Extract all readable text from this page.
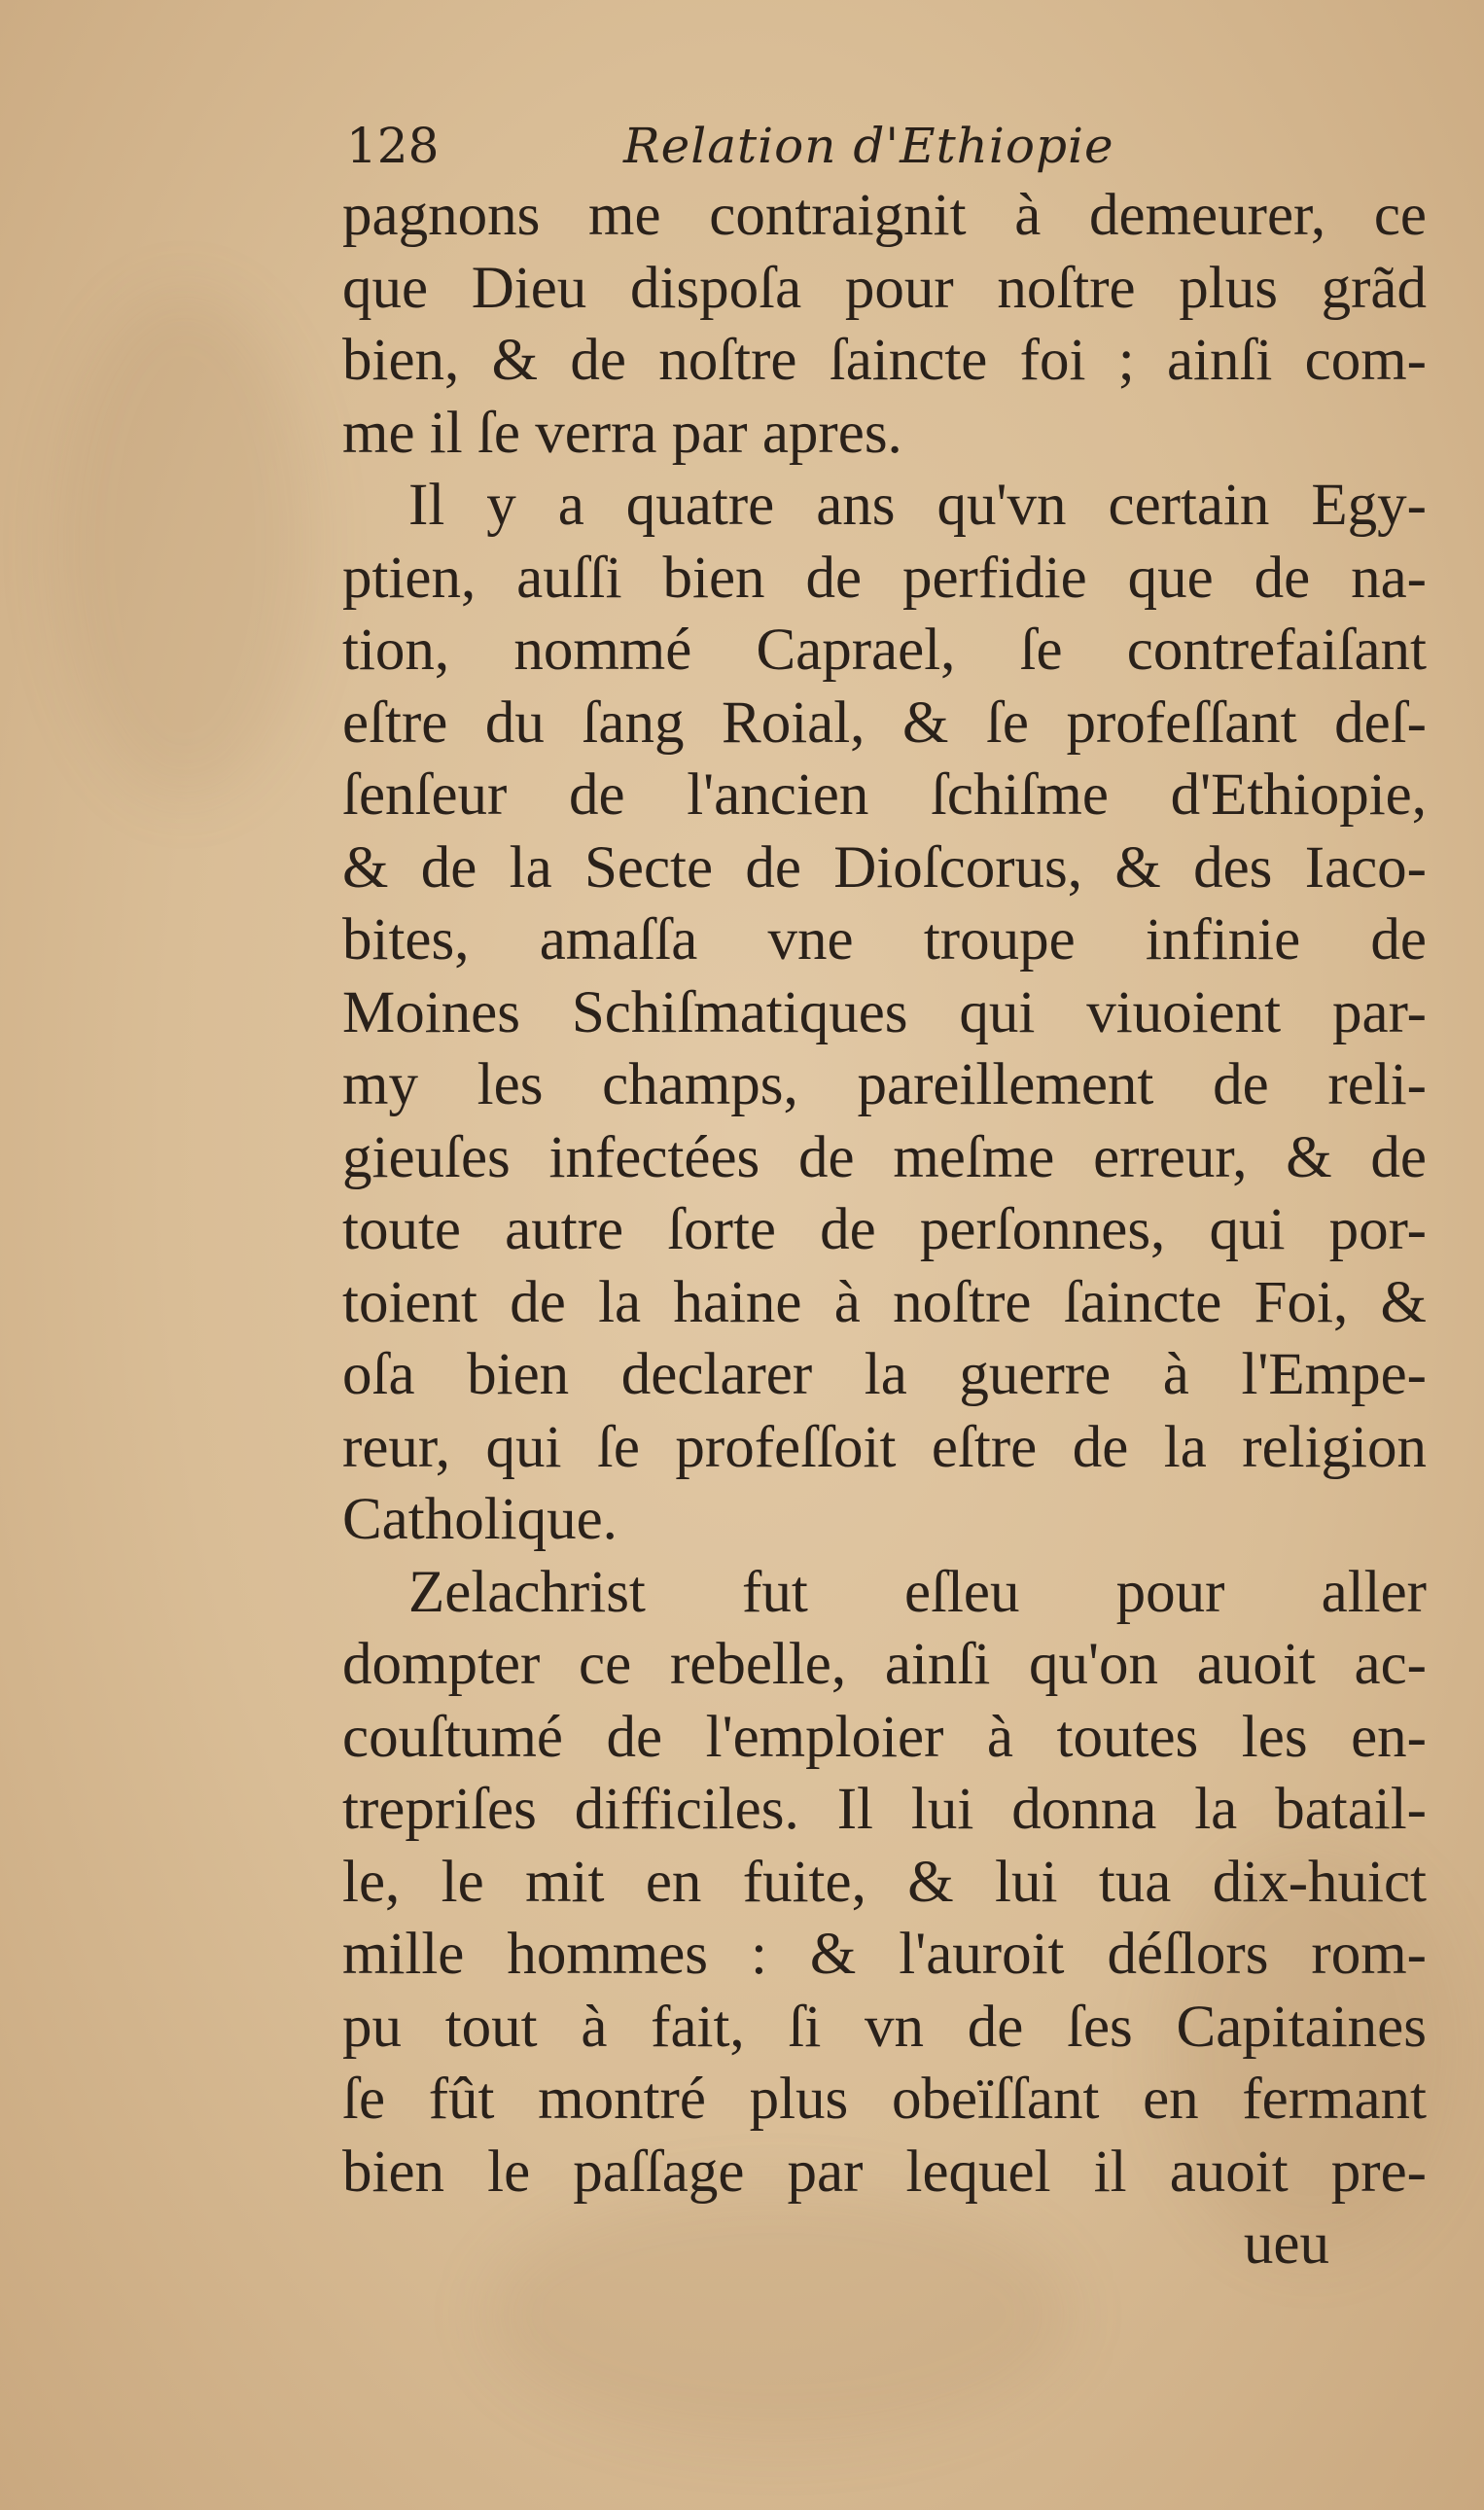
128	Relation d'Ethiopie
pagnons me contraignit à demeurer, ce
que Dieu dispoſa pour noſtre plus grãd
bien, & de noſtre ſaincte foi ; ainſi com-
me il ſe verra par apres.
Il y a quatre ans qu'vn certain Egy-
ptien, auſſi bien de perfidie que de na-
tion, nommé Caprael, ſe contrefaiſant
eſtre du ſang Roial, & ſe profeſſant deſ-
ſenſeur de l'ancien ſchiſme d'Ethiopie,
& de la Secte de Dioſcorus, & des Iaco-
bites, amaſſa vne troupe infinie de
Moines Schiſmatiques qui viuoient par-
my les champs, pareillement de reli-
gieuſes infectées de meſme erreur, & de
toute autre ſorte de perſonnes, qui por-
toient de la haine à noſtre ſaincte Foi, &
oſa bien declarer la guerre à l'Empe-
reur, qui ſe profeſſoit eſtre de la religion
Catholique.
Zelachrist fut eſleu pour aller
dompter ce rebelle, ainſi qu'on auoit ac-
couſtumé de l'emploier à toutes les en-
trepriſes difficiles. Il lui donna la batail-
le, le mit en fuite, & lui tua dix-huict
mille hommes : & l'auroit déſlors rom-
pu tout à fait, ſi vn de ſes Capitaines
ſe fût montré plus obeïſſant en fermant
bien le paſſage par lequel il auoit pre-
ueu
